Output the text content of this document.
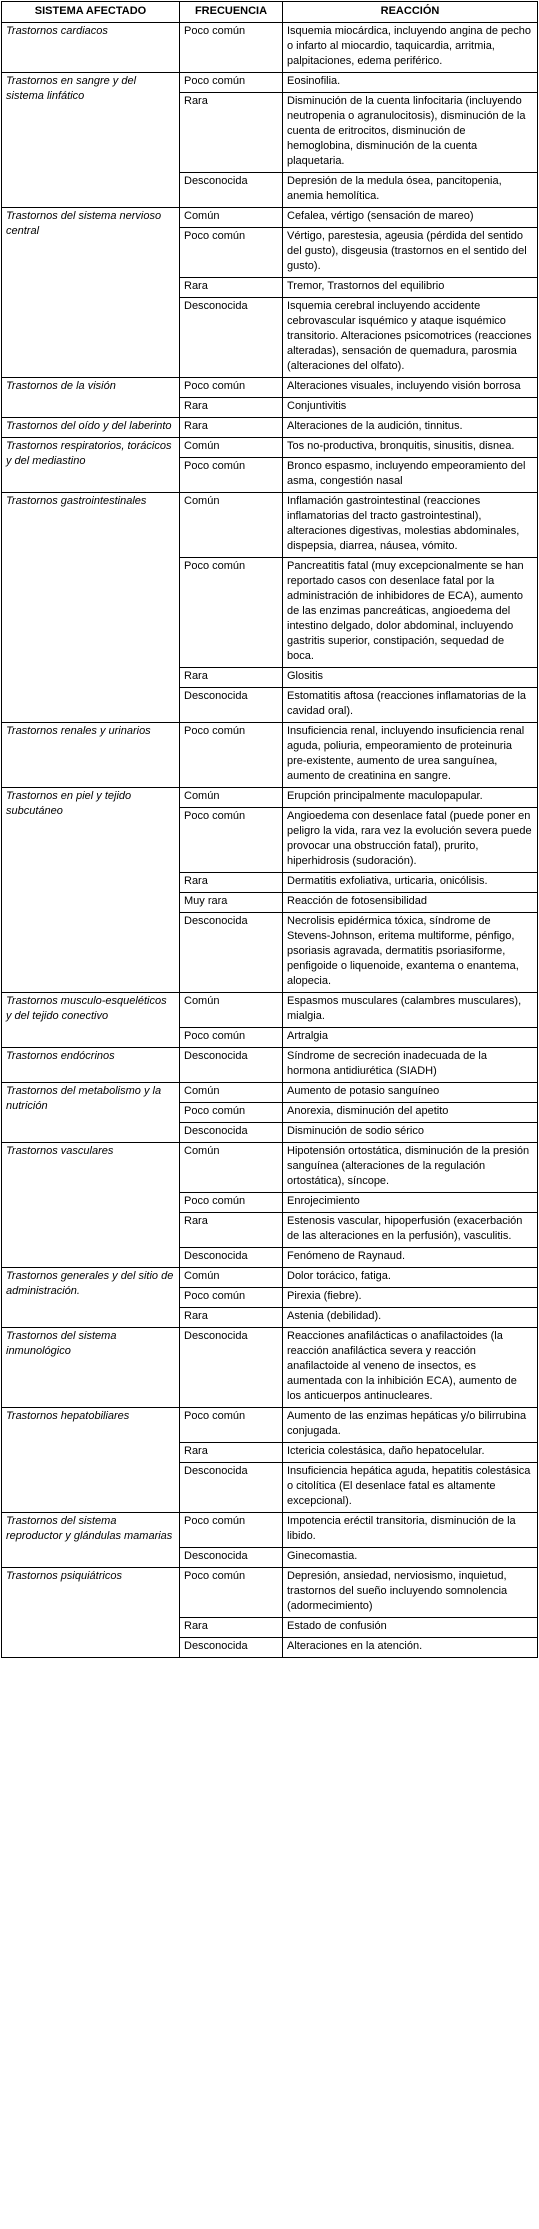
SISTEMA AFECTADO	FRECUENCIA	REACCIÓN
Trastornos cardiacos	Poco común	Isquemia miocárdica, incluyendo angina de pecho o infarto al miocardio, taquicardia, arritmia, palpitaciones, edema periférico.
Trastornos en sangre y del sistema linfático	Poco común	Eosinofilia.
	Rara	Disminución de la cuenta linfocitaria (incluyendo neutropenia o agranulocitosis), disminución de la cuenta de eritrocitos, disminución de hemoglobina, disminución de la cuenta plaquetaria.
	Desconocida	Depresión de la medula ósea, pancitopenia, anemia hemolítica.
Trastornos del sistema nervioso central	Común	Cefalea, vértigo (sensación de mareo)
	Poco común	Vértigo, parestesia, ageusia (pérdida del sentido del gusto), disgeusia (trastornos en el sentido del gusto).
	Rara	Tremor, Trastornos del equilibrio
	Desconocida	Isquemia cerebral incluyendo accidente cebrovascular isquémico y ataque isquémico transitorio. Alteraciones psicomotrices (reacciones alteradas), sensación de quemadura, parosmia (alteraciones del olfato).
Trastornos de la visión	Poco común	Alteraciones visuales, incluyendo visión borrosa
	Rara	Conjuntivitis
Trastornos del oído y del laberinto	Rara	Alteraciones de la audición, tinnitus.
Trastornos respiratorios, torácicos y del mediastino	Común	Tos no-productiva, bronquitis, sinusitis, disnea.
	Poco común	Bronco espasmo, incluyendo empeoramiento del asma, congestión nasal
Trastornos gastrointestinales	Común	Inflamación gastrointestinal (reacciones inflamatorias del tracto gastrointestinal), alteraciones digestivas, molestias abdominales, dispepsia, diarrea, náusea, vómito.
	Poco común	Pancreatitis fatal (muy excepcionalmente se han reportado casos con desenlace fatal por la administración de inhibidores de ECA), aumento de las enzimas pancreáticas, angioedema del intestino delgado, dolor abdominal, incluyendo gastritis superior, constipación, sequedad de boca.
	Rara	Glositis
	Desconocida	Estomatitis aftosa (reacciones inflamatorias de la cavidad oral).
Trastornos renales y urinarios	Poco común	Insuficiencia renal, incluyendo insuficiencia renal aguda, poliuria, empeoramiento de proteinuria pre-existente, aumento de urea sanguínea, aumento de creatinina en sangre.
Trastornos en piel y tejido subcutáneo	Común	Erupción principalmente maculopapular.
	Poco común	Angioedema con desenlace fatal (puede poner en peligro la vida, rara vez la evolución severa puede provocar una obstrucción fatal), prurito, hiperhidrosis (sudoración).
	Rara	Dermatitis exfoliativa, urticaria, onicólisis.
	Muy rara	Reacción de fotosensibilidad
	Desconocida	Necrolisis epidérmica tóxica, síndrome de Stevens-Johnson, eritema multiforme, pénfigo, psoriasis agravada, dermatitis psoriasiforme, penfigoide o liquenoide, exantema o enantema, alopecia.
Trastornos musculo-esqueléticos y del tejido conectivo	Común	Espasmos musculares (calambres musculares), mialgia.
	Poco común	Artralgia
Trastornos endócrinos	Desconocida	Síndrome de secreción inadecuada de la hormona antidiurética (SIADH)
Trastornos del metabolismo y la nutrición	Común	Aumento de potasio sanguíneo
	Poco común	Anorexia, disminución del apetito
	Desconocida	Disminución de sodio sérico
Trastornos vasculares	Común	Hipotensión ortostática, disminución de la presión sanguínea (alteraciones de la regulación ortostática), síncope.
	Poco común	Enrojecimiento
	Rara	Estenosis vascular, hipoperfusión (exacerbación de las alteraciones en la perfusión), vasculitis.
	Desconocida	Fenómeno de Raynaud.
Trastornos generales y del sitio de administración.	Común	Dolor torácico, fatiga.
	Poco común	Pirexia (fiebre).
	Rara	Astenia (debilidad).
Trastornos del sistema inmunológico	Desconocida	Reacciones anafilácticas o anafilactoides (la reacción anafiláctica severa y reacción anafilactoide al veneno de insectos, es aumentada con la inhibición ECA), aumento de los anticuerpos antinucleares.
Trastornos hepatobiliares	Poco común	Aumento de las enzimas hepáticas y/o bilirrubina conjugada.
	Rara	Ictericia colestásica, daño hepatocelular.
	Desconocida	Insuficiencia hepática aguda, hepatitis colestásica o citolítica (El desenlace fatal es altamente excepcional).
Trastornos del sistema reproductor y glándulas mamarias	Poco común	Impotencia eréctil transitoria, disminución de la libido.
	Desconocida	Ginecomastia.
Trastornos psiquiátricos	Poco común	Depresión, ansiedad, nerviosismo, inquietud, trastornos del sueño incluyendo somnolencia (adormecimiento)
	Rara	Estado de confusión
	Desconocida	Alteraciones en la atención.
